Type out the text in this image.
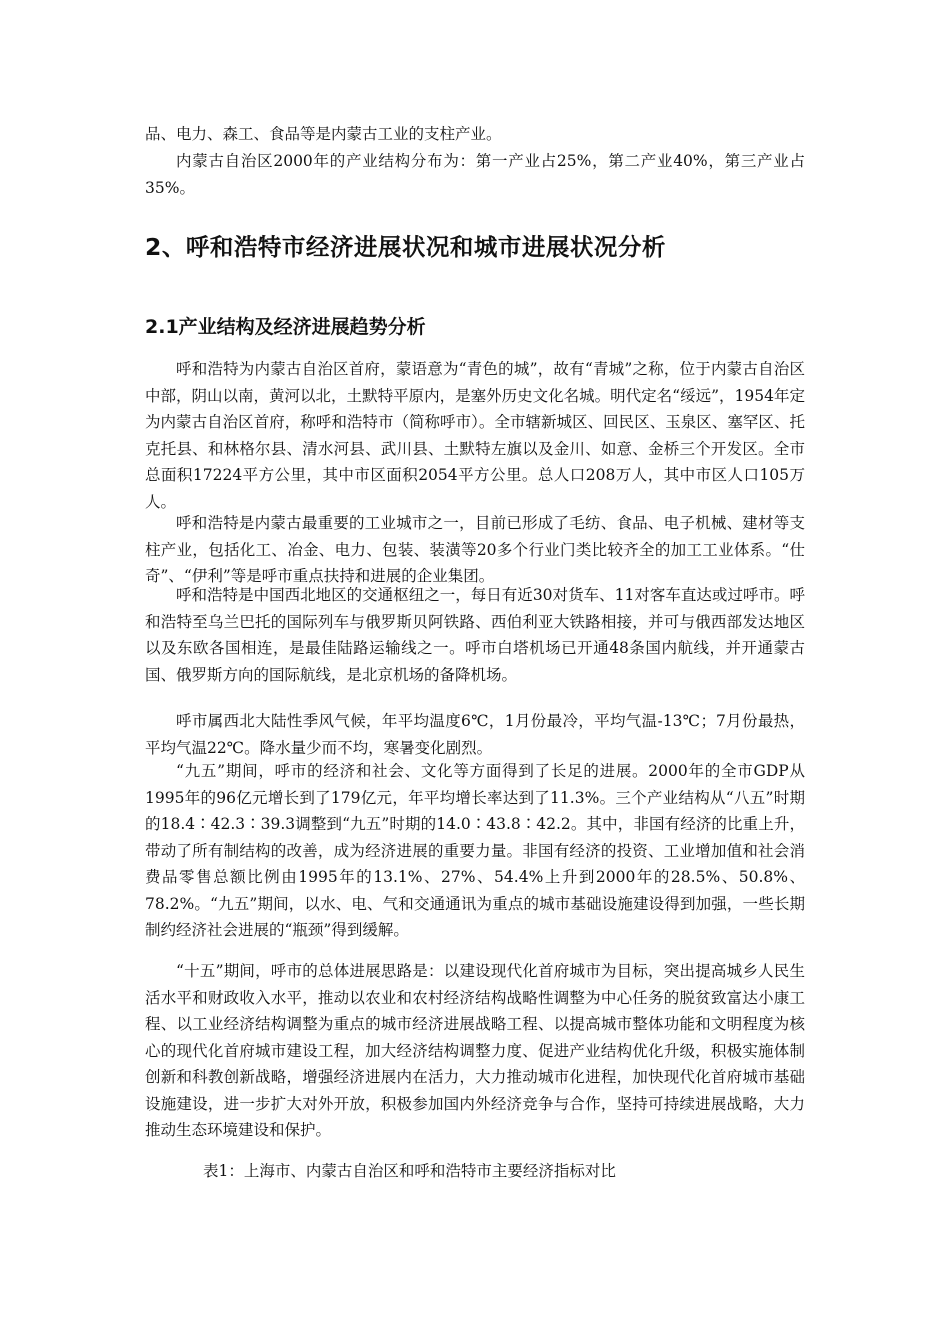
品、电力、森工、食品等是内蒙古工业的支柱产业。

内蒙古自治区2000年的产业结构分布为：第一产业占25%，第二产业40%，第三产业占35%。

2、呼和浩特市经济进展状况和城市进展状况分析
2.1产业结构及经济进展趋势分析

呼和浩特为内蒙古自治区首府，蒙语意为“青色的城”，故有“青城”之称，位于内蒙古自治区中部，阴山以南，黄河以北，土默特平原内，是塞外历史文化名城。明代定名“绥远”，1954年定为内蒙古自治区首府，称呼和浩特市（简称呼市）。全市辖新城区、回民区、玉泉区、塞罕区、托克托县、和林格尔县、清水河县、武川县、土默特左旗以及金川、如意、金桥三个开发区。全市总面积17224平方公里，其中市区面积2054平方公里。总人口208万人，其中市区人口105万人。

呼和浩特是内蒙古最重要的工业城市之一，目前已形成了毛纺、食品、电子机械、建材等支柱产业，包括化工、冶金、电力、包装、装潢等20多个行业门类比较齐全的加工工业体系。“仕奇”、“伊利”等是呼市重点扶持和进展的企业集团。

呼和浩特是中国西北地区的交通枢纽之一，每日有近30对货车、11对客车直达或过呼市。呼和浩特至乌兰巴托的国际列车与俄罗斯贝阿铁路、西伯利亚大铁路相接，并可与俄西部发达地区以及东欧各国相连，是最佳陆路运输线之一。呼市白塔机场已开通48条国内航线，并开通蒙古国、俄罗斯方向的国际航线，是北京机场的备降机场。

呼市属西北大陆性季风气候，年平均温度6℃，1月份最冷，平均气温-13℃；7月份最热，平均气温22℃。降水量少而不均，寒暑变化剧烈。

“九五”期间，呼市的经济和社会、文化等方面得到了长足的进展。2000年的全市GDP从1995年的96亿元增长到了179亿元，年平均增长率达到了11.3%。三个产业结构从“八五”时期的18.4∶42.3∶39.3调整到“九五”时期的14.0∶43.8∶42.2。其中，非国有经济的比重上升，带动了所有制结构的改善，成为经济进展的重要力量。非国有经济的投资、工业增加值和社会消费品零售总额比例由1995年的13.1%、27%、54.4%上升到2000年的28.5%、50.8%、78.2%。“九五”期间，以水、电、气和交通通讯为重点的城市基础设施建设得到加强，一些长期制约经济社会进展的“瓶颈”得到缓解。

“十五”期间，呼市的总体进展思路是：以建设现代化首府城市为目标，突出提高城乡人民生活水平和财政收入水平，推动以农业和农村经济结构战略性调整为中心任务的脱贫致富达小康工程、以工业经济结构调整为重点的城市经济进展战略工程、以提高城市整体功能和文明程度为核心的现代化首府城市建设工程，加大经济结构调整力度、促进产业结构优化升级，积极实施体制创新和科教创新战略，增强经济进展内在活力，大力推动城市化进程，加快现代化首府城市基础设施建设，进一步扩大对外开放，积极参加国内外经济竞争与合作，坚持可持续进展战略，大力推动生态环境建设和保护。

表1：上海市、内蒙古自治区和呼和浩特市主要经济指标对比
